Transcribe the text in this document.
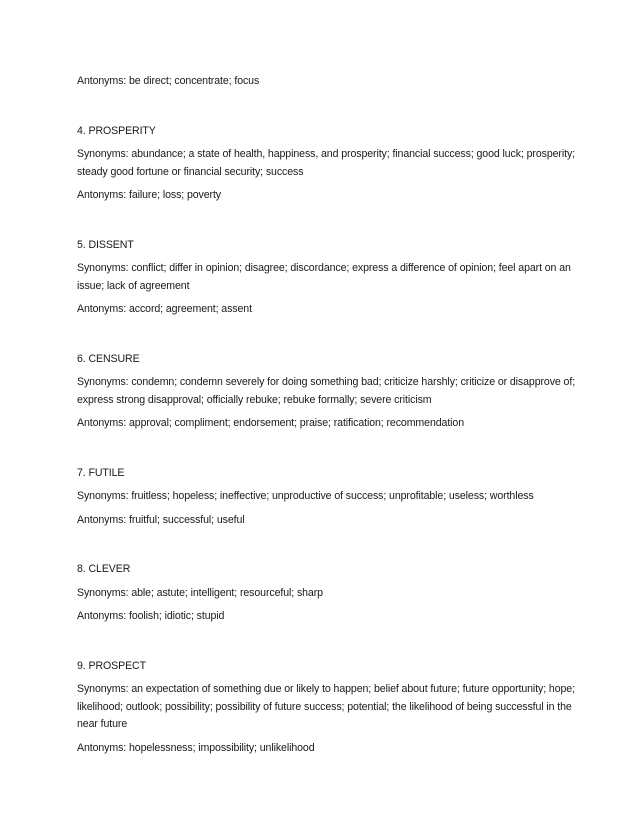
Antonyms: be direct; concentrate; focus

4. PROSPERITY

Synonyms: abundance; a state of health, happiness, and prosperity; financial success; good luck; prosperity; steady good fortune or financial security; success

Antonyms: failure; loss; poverty

5. DISSENT

Synonyms: conflict; differ in opinion; disagree; discordance; express a difference of opinion; feel apart on an issue; lack of agreement

Antonyms: accord; agreement; assent

6. CENSURE

Synonyms: condemn; condemn severely for doing something bad; criticize harshly; criticize or disapprove of; express strong disapproval; officially rebuke; rebuke formally; severe criticism

Antonyms: approval; compliment; endorsement; praise; ratification; recommendation

7. FUTILE

Synonyms: fruitless; hopeless; ineffective; unproductive of success; unprofitable; useless; worthless

Antonyms: fruitful; successful; useful

8. CLEVER

Synonyms: able; astute; intelligent; resourceful; sharp

Antonyms: foolish; idiotic; stupid

9. PROSPECT

Synonyms: an expectation of something due or likely to happen; belief about future; future opportunity; hope; likelihood; outlook; possibility; possibility of future success; potential; the likelihood of being successful in the near future

Antonyms: hopelessness; impossibility; unlikelihood
